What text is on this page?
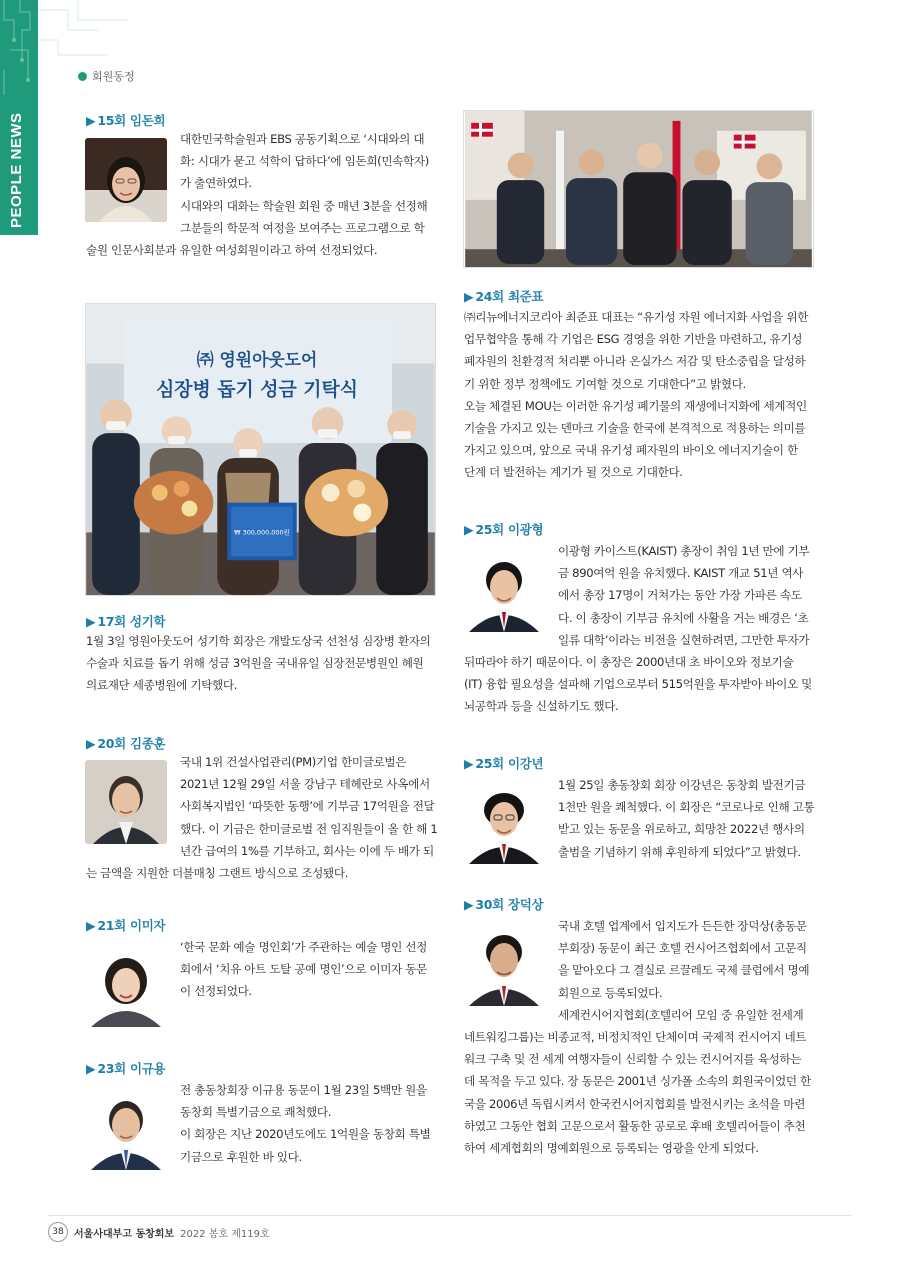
PEOPLE NEWS
회원동정
▶ 15회 임돈희
대한민국학술원과 EBS 공동기획으로 ‘시대와의 대
화: 시대가 묻고 석학이 답하다’에 임돈희(민속학자)
가 출연하였다.
시대와의 대화는 학술원 회원 중 매년 3분을 선정해
그분들의 학문적 여정을 보여주는 프로그램으로 학
술원 인문사회분과 유일한 여성회원이라고 하여 선정되었다.
㈜ 영원아웃도어
심장병 돕기 성금 기탁식
₩ 300,000,000원
▶ 17회 성기학
1월 3일 영원아웃도어 성기학 회장은 개발도상국 선천성 심장병 환자의
수술과 치료를 돕기 위해 성금 3억원을 국내유일 심장전문병원인 혜원
의료재단 세종병원에 기탁했다.
▶ 20회 김종훈
국내 1위 건설사업관리(PM)기업 한미글로벌은
2021년 12월 29일 서울 강남구 테헤란로 사옥에서
사회복지법인 ‘따뜻한 동행’에 기부금 17억원을 전달
했다. 이 기금은 한미글로벌 전 임직원들이 올 한 해 1
년간 급여의 1%를 기부하고, 회사는 이에 두 배가 되
는 금액을 지원한 더블매칭 그랜트 방식으로 조성됐다.
▶ 21회 이미자
‘한국 문화 예술 명인회’가 주관하는 예술 명인 선정
회에서 ‘치유 아트 도탈 공예 명인’으로 이미자 동문
이 선정되었다.
▶ 23회 이규용
전 총동창회장 이규용 동문이 1월 23일 5백만 원을
동창회 특별기금으로 쾌척했다.
이 회장은 지난 2020년도에도 1억원을 동창회 특별
기금으로 후원한 바 있다.
▶ 24회 최준표
㈜리뉴에너지코리아 최준표 대표는 “유기성 자원 에너지화 사업을 위한
업무협약을 통해 각 기업은 ESG 경영을 위한 기반을 마련하고, 유기성
폐자원의 친환경적 처리뿐 아니라 온실가스 저감 및 탄소중립을 달성하
기 위한 정부 정책에도 기여할 것으로 기대한다”고 밝혔다.
오늘 체결된 MOU는 이러한 유기성 폐기물의 재생에너지화에 세계적인
기술을 가지고 있는 덴마크 기술을 한국에 본격적으로 적용하는 의미를
가지고 있으며, 앞으로 국내 유기성 폐자원의 바이오 에너지기술이 한
단계 더 발전하는 계기가 될 것으로 기대한다.
▶ 25회 이광형
이광형 카이스트(KAIST) 총장이 취임 1년 만에 기부
금 890여억 원을 유치했다. KAIST 개교 51년 역사
에서 총장 17명이 거쳐가는 동안 가장 가파른 속도
다. 이 총장이 기부금 유치에 사활을 거는 배경은 ‘초
일류 대학’이라는 비전을 실현하려면, 그만한 투자가
뒤따라야 하기 때문이다. 이 총장은 2000년대 초 바이오와 정보기술
(IT) 융합 필요성을 설파해 기업으로부터 515억원을 투자받아 바이오 및
뇌공학과 등을 신설하기도 했다.
▶ 25회 이강년
1월 25일 총동창회 회장 이강년은 동창회 발전기금
1천만 원을 쾌척했다. 이 회장은 “코로나로 인해 고통
받고 있는 동문을 위로하고, 희망찬 2022년 행사의
출범을 기념하기 위해 후원하게 되었다”고 밝혔다.
▶ 30회 장덕상
국내 호텔 업계에서 입지도가 든든한 장덕상(총동문
부회장) 동문이 최근 호텔 컨시어즈협회에서 고문직
을 맡아오다 그 결실로 르끌레도 국제 클럽에서 명예
회원으로 등록되었다.
세계컨시어지협회(호텔리어 모임 중 유일한 전세계
네트워킹그룹)는 비종교적, 비정치적인 단체이며 국제적 컨시어지 네트
워크 구축 및 전 세계 여행자들이 신뢰할 수 있는 컨시어지를 육성하는
데 목적을 두고 있다. 장 동문은 2001년 싱가폴 소속의 회원국이었던 한
국을 2006년 독립시켜서 한국컨시어지협회를 발전시키는 초석을 마련
하였고 그동안 협회 고문으로서 활동한 공로로 후배 호텔리어들이 추천
하여 세계협회의 명예회원으로 등록되는 영광을 안게 되었다.
38	서울사대부고 동창회보 2022 봄호 제119호
